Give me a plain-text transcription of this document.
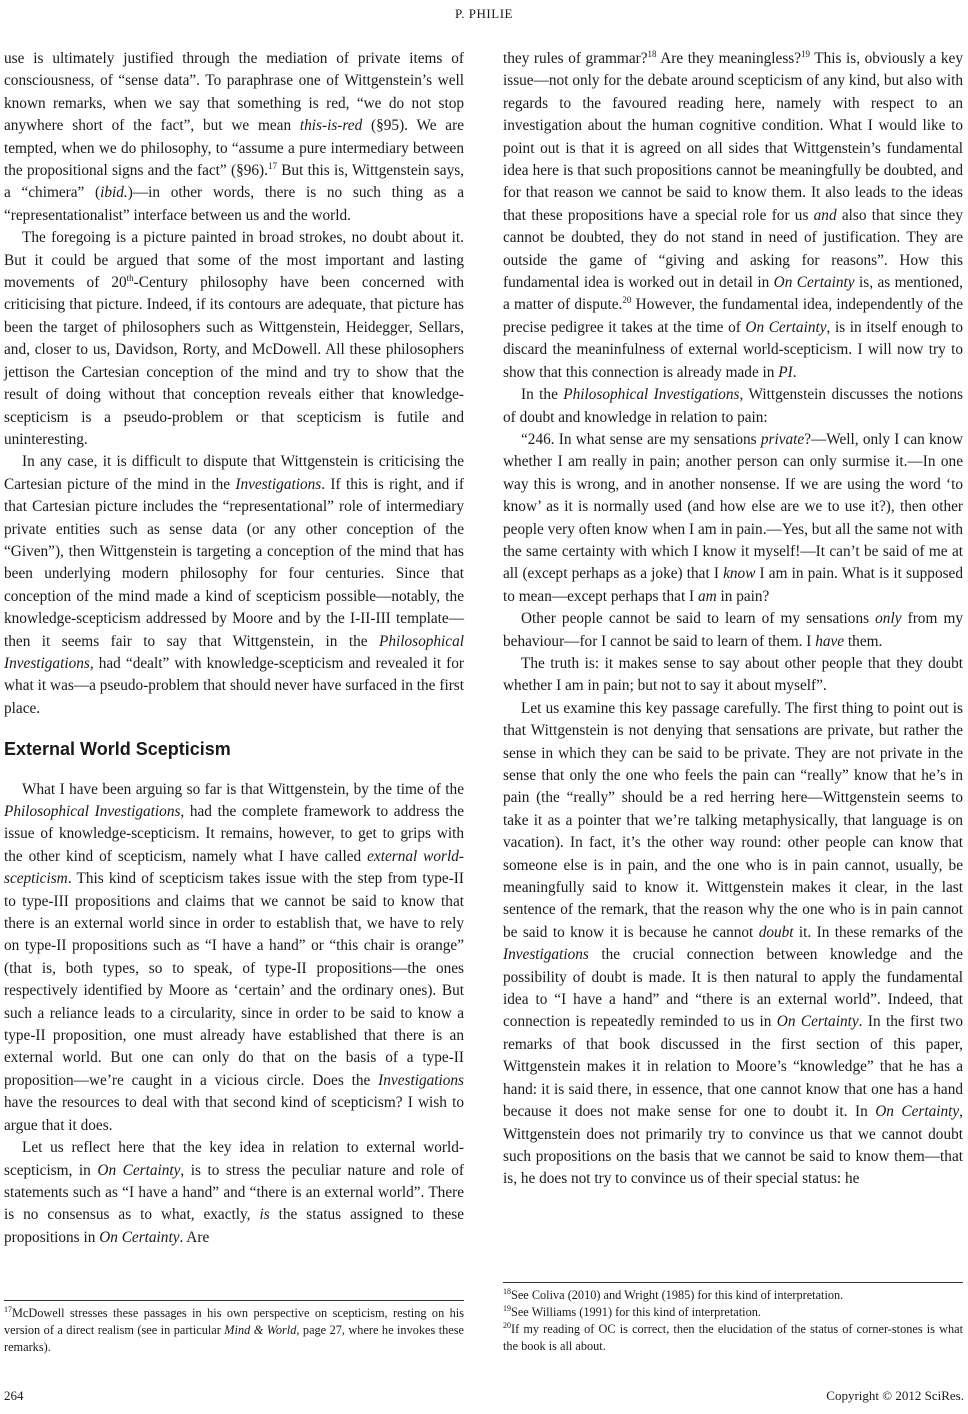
P. PHILIE

use is ultimately justified through the mediation of private items of consciousness, of “sense data”. To paraphrase one of Wittgenstein’s well known remarks, when we say that something is red, “we do not stop anywhere short of the fact”, but we mean this-is-red (§95). We are tempted, when we do philosophy, to “assume a pure intermediary between the propositional signs and the fact” (§96).$^{17}$ But this is, Wittgenstein says, a “chimera” (ibid.)—in other words, there is no such thing as a “representationalist” interface between us and the world.

The foregoing is a picture painted in broad strokes, no doubt about it. But it could be argued that some of the most important and lasting movements of 20th-Century philosophy have been concerned with criticising that picture. Indeed, if its contours are adequate, that picture has been the target of philosophers such as Wittgenstein, Heidegger, Sellars, and, closer to us, Davidson, Rorty, and McDowell. All these philosophers jettison the Cartesian conception of the mind and try to show that the result of doing without that conception reveals either that knowledge-scepticism is a pseudo-problem or that scepticism is futile and uninteresting.

In any case, it is difficult to dispute that Wittgenstein is criticising the Cartesian picture of the mind in the Investigations. If this is right, and if that Cartesian picture includes the “representational” role of intermediary private entities such as sense data (or any other conception of the “Given”), then Wittgenstein is targeting a conception of the mind that has been underlying modern philosophy for four centuries. Since that conception of the mind made a kind of scepticism possible—notably, the knowledge-scepticism addressed by Moore and by the I-II-III template—then it seems fair to say that Wittgenstein, in the Philosophical Investigations, had “dealt” with knowledge-scepticism and revealed it for what it was—a pseudo-problem that should never have surfaced in the first place.

External World Scepticism

What I have been arguing so far is that Wittgenstein, by the time of the Philosophical Investigations, had the complete framework to address the issue of knowledge-scepticism. It remains, however, to get to grips with the other kind of scepticism, namely what I have called external world-scepticism. This kind of scepticism takes issue with the step from type-II to type-III propositions and claims that we cannot be said to know that there is an external world since in order to establish that, we have to rely on type-II propositions such as “I have a hand” or “this chair is orange” (that is, both types, so to speak, of type-II propositions—the ones respectively identified by Moore as ‘certain’ and the ordinary ones). But such a reliance leads to a circularity, since in order to be said to know a type-II proposition, one must already have established that there is an external world. But one can only do that on the basis of a type-II proposition—we’re caught in a vicious circle. Does the Investigations have the resources to deal with that second kind of scepticism? I wish to argue that it does.

Let us reflect here that the key idea in relation to external world-scepticism, in On Certainty, is to stress the peculiar nature and role of statements such as “I have a hand” and “there is an external world”. There is no consensus as to what, exactly, is the status assigned to these propositions in On Certainty. Are

$^{17}$McDowell stresses these passages in his own perspective on scepticism, resting on his version of a direct realism (see in particular Mind & World, page 27, where he invokes these remarks).

they rules of grammar?$^{18}$ Are they meaningless?$^{19}$ This is, obviously a key issue—not only for the debate around scepticism of any kind, but also with regards to the favoured reading here, namely with respect to an investigation about the human cognitive condition. What I would like to point out is that it is agreed on all sides that Wittgenstein’s fundamental idea here is that such propositions cannot be meaningfully be doubted, and for that reason we cannot be said to know them. It also leads to the ideas that these propositions have a special role for us and also that since they cannot be doubted, they do not stand in need of justification. They are outside the game of “giving and asking for reasons”. How this fundamental idea is worked out in detail in On Certainty is, as mentioned, a matter of dispute.$^{20}$ However, the fundamental idea, independently of the precise pedigree it takes at the time of On Certainty, is in itself enough to discard the meaninfulness of external world-scepticism. I will now try to show that this connection is already made in PI.

In the Philosophical Investigations, Wittgenstein discusses the notions of doubt and knowledge in relation to pain:

“246. In what sense are my sensations private?—Well, only I can know whether I am really in pain; another person can only surmise it.—In one way this is wrong, and in another nonsense. If we are using the word ‘to know’ as it is normally used (and how else are we to use it?), then other people very often know when I am in pain.—Yes, but all the same not with the same certainty with which I know it myself!—It can’t be said of me at all (except perhaps as a joke) that I know I am in pain. What is it supposed to mean—except perhaps that I am in pain?

Other people cannot be said to learn of my sensations only from my behaviour—for I cannot be said to learn of them. I have them.

The truth is: it makes sense to say about other people that they doubt whether I am in pain; but not to say it about myself”.

Let us examine this key passage carefully. The first thing to point out is that Wittgenstein is not denying that sensations are private, but rather the sense in which they can be said to be private. They are not private in the sense that only the one who feels the pain can “really” know that he’s in pain (the “really” should be a red herring here—Wittgenstein seems to take it as a pointer that we’re talking metaphysically, that language is on vacation). In fact, it’s the other way round: other people can know that someone else is in pain, and the one who is in pain cannot, usually, be meaningfully said to know it. Wittgenstein makes it clear, in the last sentence of the remark, that the reason why the one who is in pain cannot be said to know it is because he cannot doubt it. In these remarks of the Investigations the crucial connection between knowledge and the possibility of doubt is made. It is then natural to apply the fundamental idea to “I have a hand” and “there is an external world”. Indeed, that connection is repeatedly reminded to us in On Certainty. In the first two remarks of that book discussed in the first section of this paper, Wittgenstein makes it in relation to Moore’s “knowledge” that he has a hand: it is said there, in essence, that one cannot know that one has a hand because it does not make sense for one to doubt it. In On Certainty, Wittgenstein does not primarily try to convince us that we cannot doubt such propositions on the basis that we cannot be said to know them—that is, he does not try to convince us of their special status: he

$^{18}$See Coliva (2010) and Wright (1985) for this kind of interpretation.

$^{19}$See Williams (1991) for this kind of interpretation.

$^{20}$If my reading of OC is correct, then the elucidation of the status of corner-stones is what the book is all about.

264	Copyright © 2012 SciRes.
